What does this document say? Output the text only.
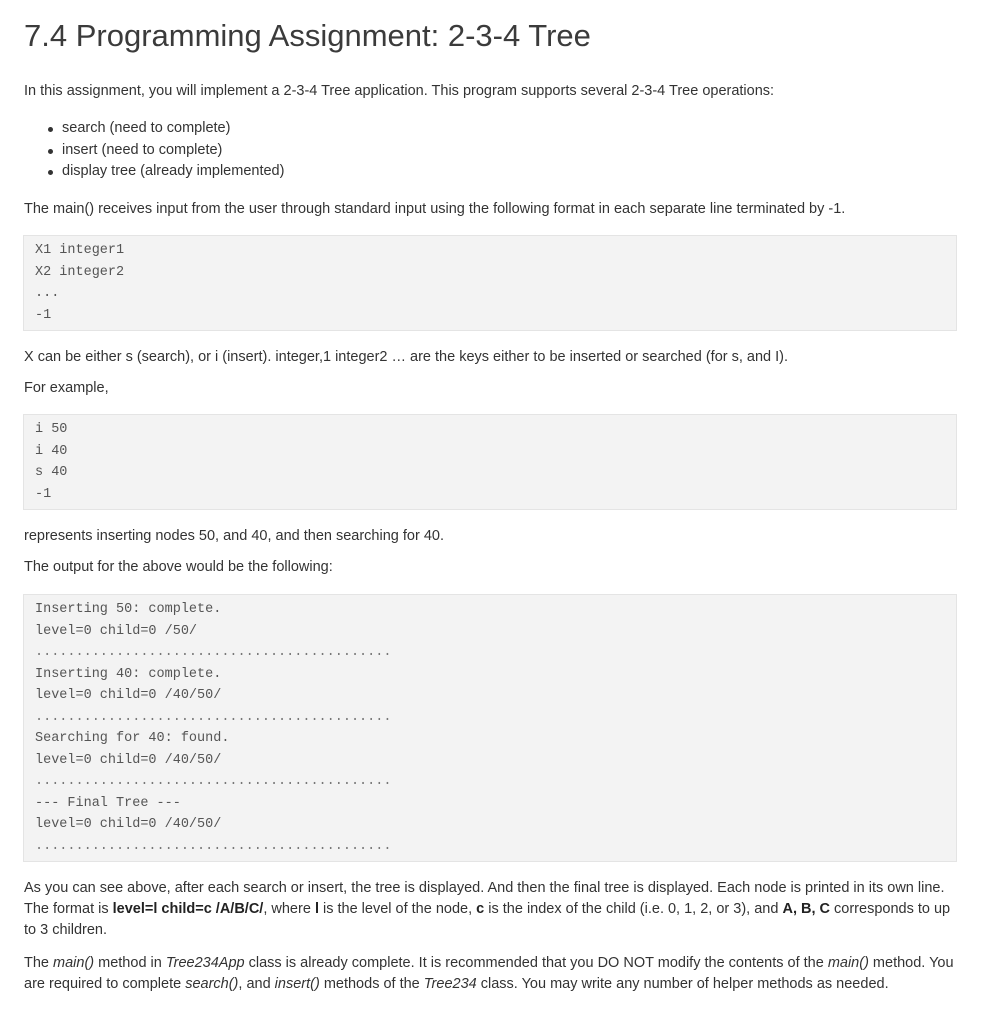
7.4 Programming Assignment: 2-3-4 Tree

In this assignment, you will implement a 2-3-4 Tree application. This program supports several 2-3-4 Tree operations:

search (need to complete)
insert (need to complete)
display tree (already implemented)

The main() receives input from the user through standard input using the following format in each separate line terminated by -1.

X1 integer1
X2 integer2
...
-1

X can be either s (search), or i (insert). integer,1 integer2 … are the keys either to be inserted or searched (for s, and I).

For example,

i 50
i 40
s 40
-1

represents inserting nodes 50, and 40, and then searching for 40.

The output for the above would be the following:

Inserting 50: complete.
level=0 child=0 /50/
............................................
Inserting 40: complete.
level=0 child=0 /40/50/
............................................
Searching for 40: found.
level=0 child=0 /40/50/
............................................
--- Final Tree ---
level=0 child=0 /40/50/
............................................

As you can see above, after each search or insert, the tree is displayed. And then the final tree is displayed. Each node is printed in its own line. The format is level=l child=c /A/B/C/, where l is the level of the node, c is the index of the child (i.e. 0, 1, 2, or 3), and A, B, C corresponds to up to 3 children.

The main() method in Tree234App class is already complete. It is recommended that you DO NOT modify the contents of the main() method. You are required to complete search(), and insert() methods of the Tree234 class. You may write any number of helper methods as needed.
